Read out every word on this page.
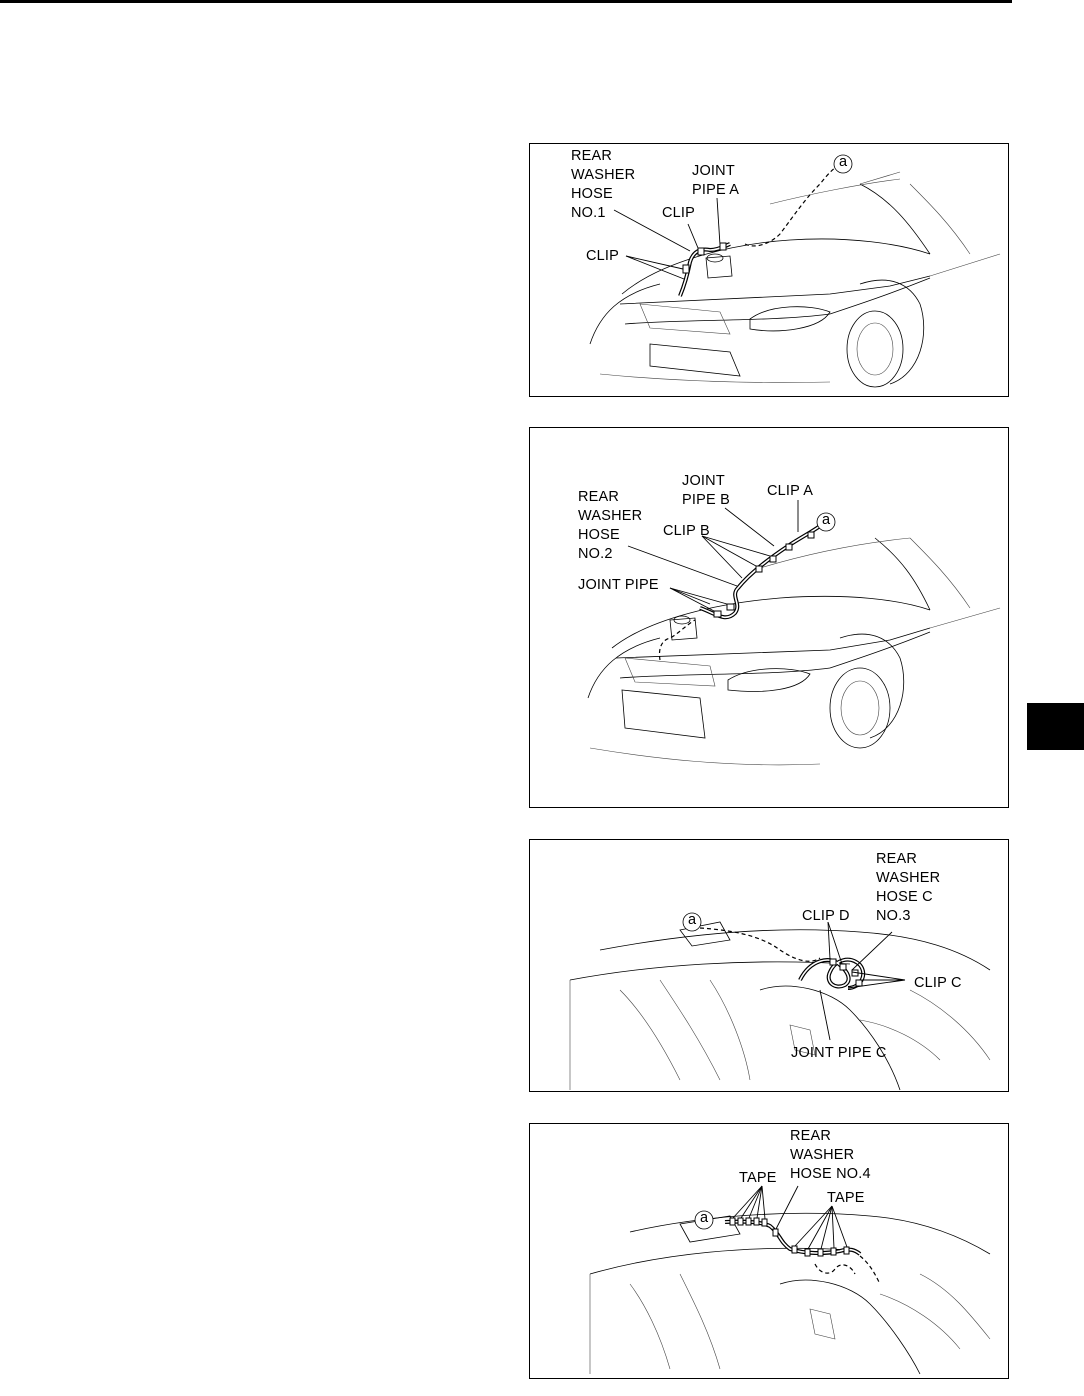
REAR
WASHER
HOSE
NO.1
JOINT
PIPE A
CLIP
CLIP
a
JOINT
PIPE B
CLIP A
REAR
WASHER
HOSE
NO.2
CLIP B
JOINT PIPE
a
REAR
WASHER
HOSE C
NO.3
CLIP D
CLIP C
JOINT PIPE C
a
REAR
WASHER
HOSE NO.4
TAPE
TAPE
a
